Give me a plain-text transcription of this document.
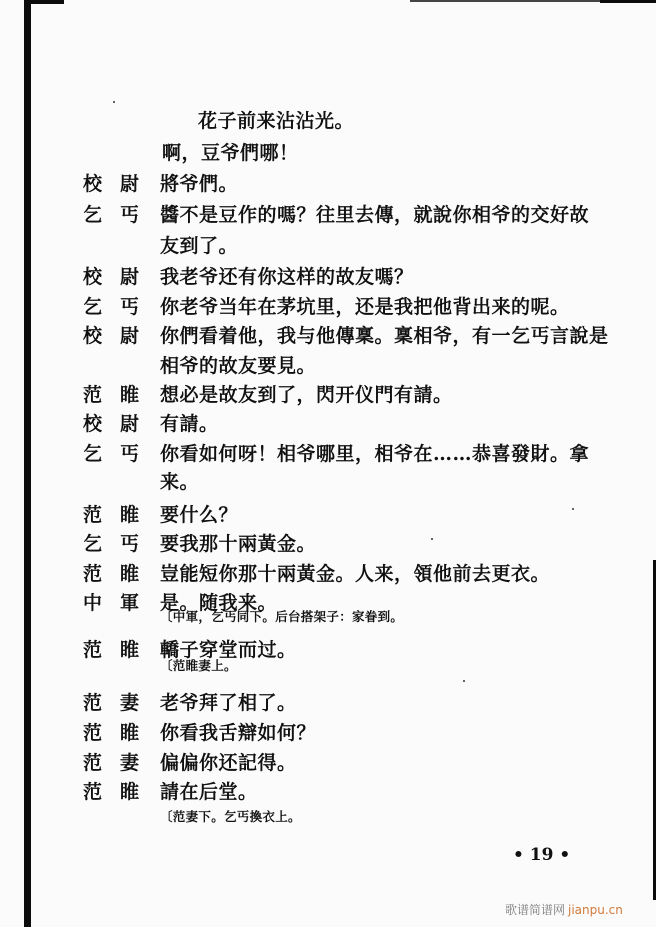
花子前来沾沾光。
啊，豆爷們哪！
校 尉 將爷們。
乞 丐 醬不是豆作的嗎？往里去傳，就說你相爷的交好故
友到了。
校 尉 我老爷还有你这样的故友嗎？
乞 丐 你老爷当年在茅坑里，还是我把他背出来的呢。
校 尉 你們看着他，我与他傳稟。稟相爷，有一乞丐言說是
相爷的故友要見。
范 睢 想必是故友到了，閃开仪門有請。
校 尉 有請。
乞 丐 你看如何呀！相爷哪里，相爷在……恭喜發財。拿
来。
范 睢 要什么？
乞 丐 要我那十兩黃金。
范 睢 豈能短你那十兩黃金。人来，領他前去更衣。
中 軍 是。随我来。
〔中軍，乞丐同下。后台搭架子：家眷到。
范 睢 轎子穿堂而过。
〔范睢妻上。
范 妻 老爷拜了相了。
范 睢 你看我舌辯如何？
范 妻 偏偏你还記得。
范 睢 請在后堂。
〔范妻下。乞丐換衣上。
• 19 •
歌谱简谱网 jianpu.cn
